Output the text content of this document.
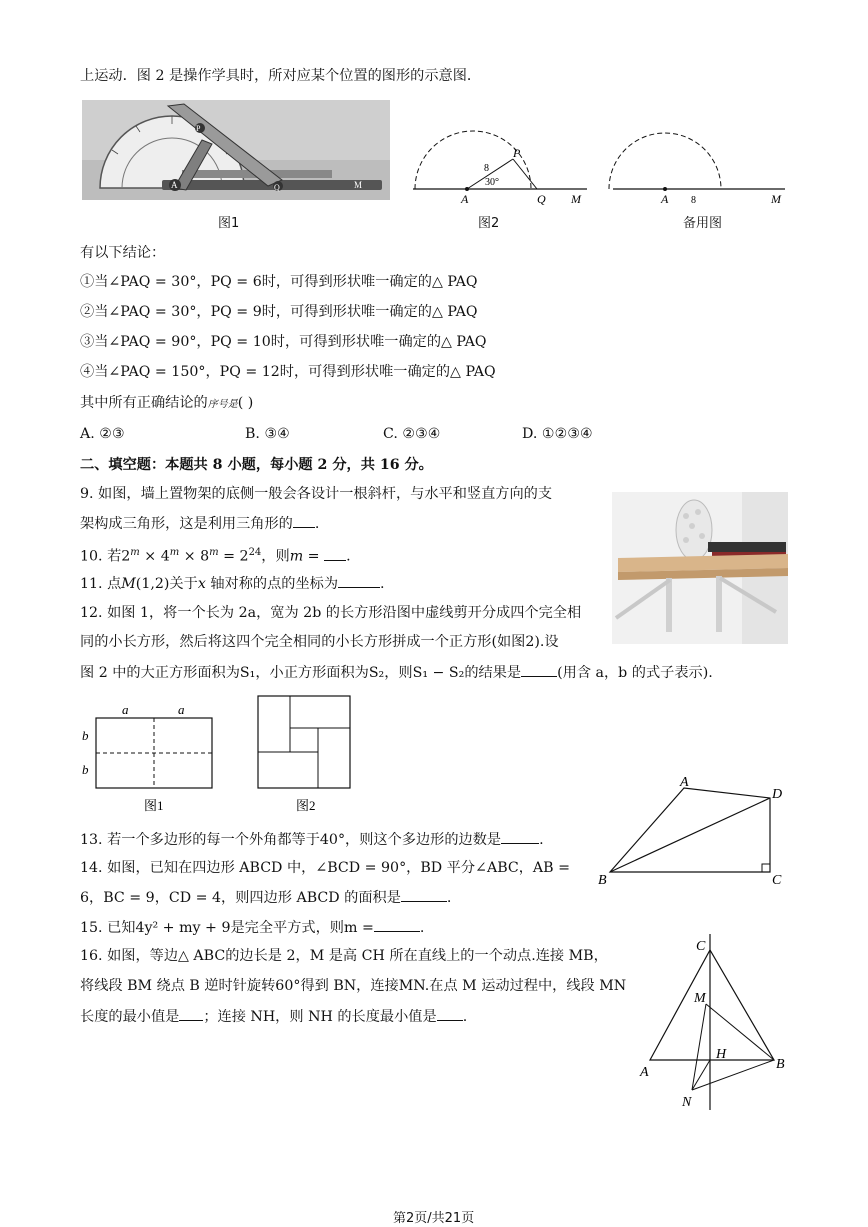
上运动．图 2 是操作学具时，所对应某个位置的图形的示意图．
A	Q
P
M
图1
A	Q M
P
8
30°
图2
A 8	M
备用图
有以下结论：
①当∠PAQ = 30°，PQ = 6时，可得到形状唯一确定的△ PAQ
②当∠PAQ = 30°，PQ = 9时，可得到形状唯一确定的△ PAQ
③当∠PAQ = 90°，PQ = 10时，可得到形状唯一确定的△ PAQ
④当∠PAQ = 150°，PQ = 12时，可得到形状唯一确定的△ PAQ
其中所有正确结论的序号是( )
A. ②③	B. ③④	C. ②③④	D. ①②③④
二、填空题：本题共 8 小题，每小题 2 分，共 16 分。
9. 如图，墙上置物架的底侧一般会各设计一根斜杆，与水平和竖直方向的支
架构成三角形，这是利用三角形的 .
10. 若$2^m \times 4^m \times 8^m = 2^{24}$，则m = .
11. 点M(1,2)关于x 轴对称的点的坐标为	.
12. 如图 1，将一个长为 2a，宽为 2b 的长方形沿图中虚线剪开分成四个完全相
同的小长方形，然后将这四个完全相同的小长方形拼成一个正方形(如图2).设
图 2 中的大正方形面积为S₁，小正方形面积为S₂，则S₁ − S₂的结果是	(用含 a，b 的式子表示).
a	a
b
b
图1	图2
A
D
B	C
13. 若一个多边形的每一个外角都等于40°，则这个多边形的边数是	.
14. 如图，已知在四边形 ABCD 中，∠BCD = 90°，BD 平分∠ABC，AB =
6，BC = 9，CD = 4，则四边形 ABCD 的面积是	.
15. 已知4y² + my + 9是完全平方式，则m =	.
16. 如图，等边△ ABC的边长是 2，M 是高 CH 所在直线上的一个动点.连接 MB，
将线段 BM 绕点 B 逆时针旋转60°得到 BN，连接MN.在点 M 运动过程中，线段 MN
长度的最小值是 ；连接 NH，则 NH 的长度最小值是 .
C
M
H
A
B
N
第2页/共21页
